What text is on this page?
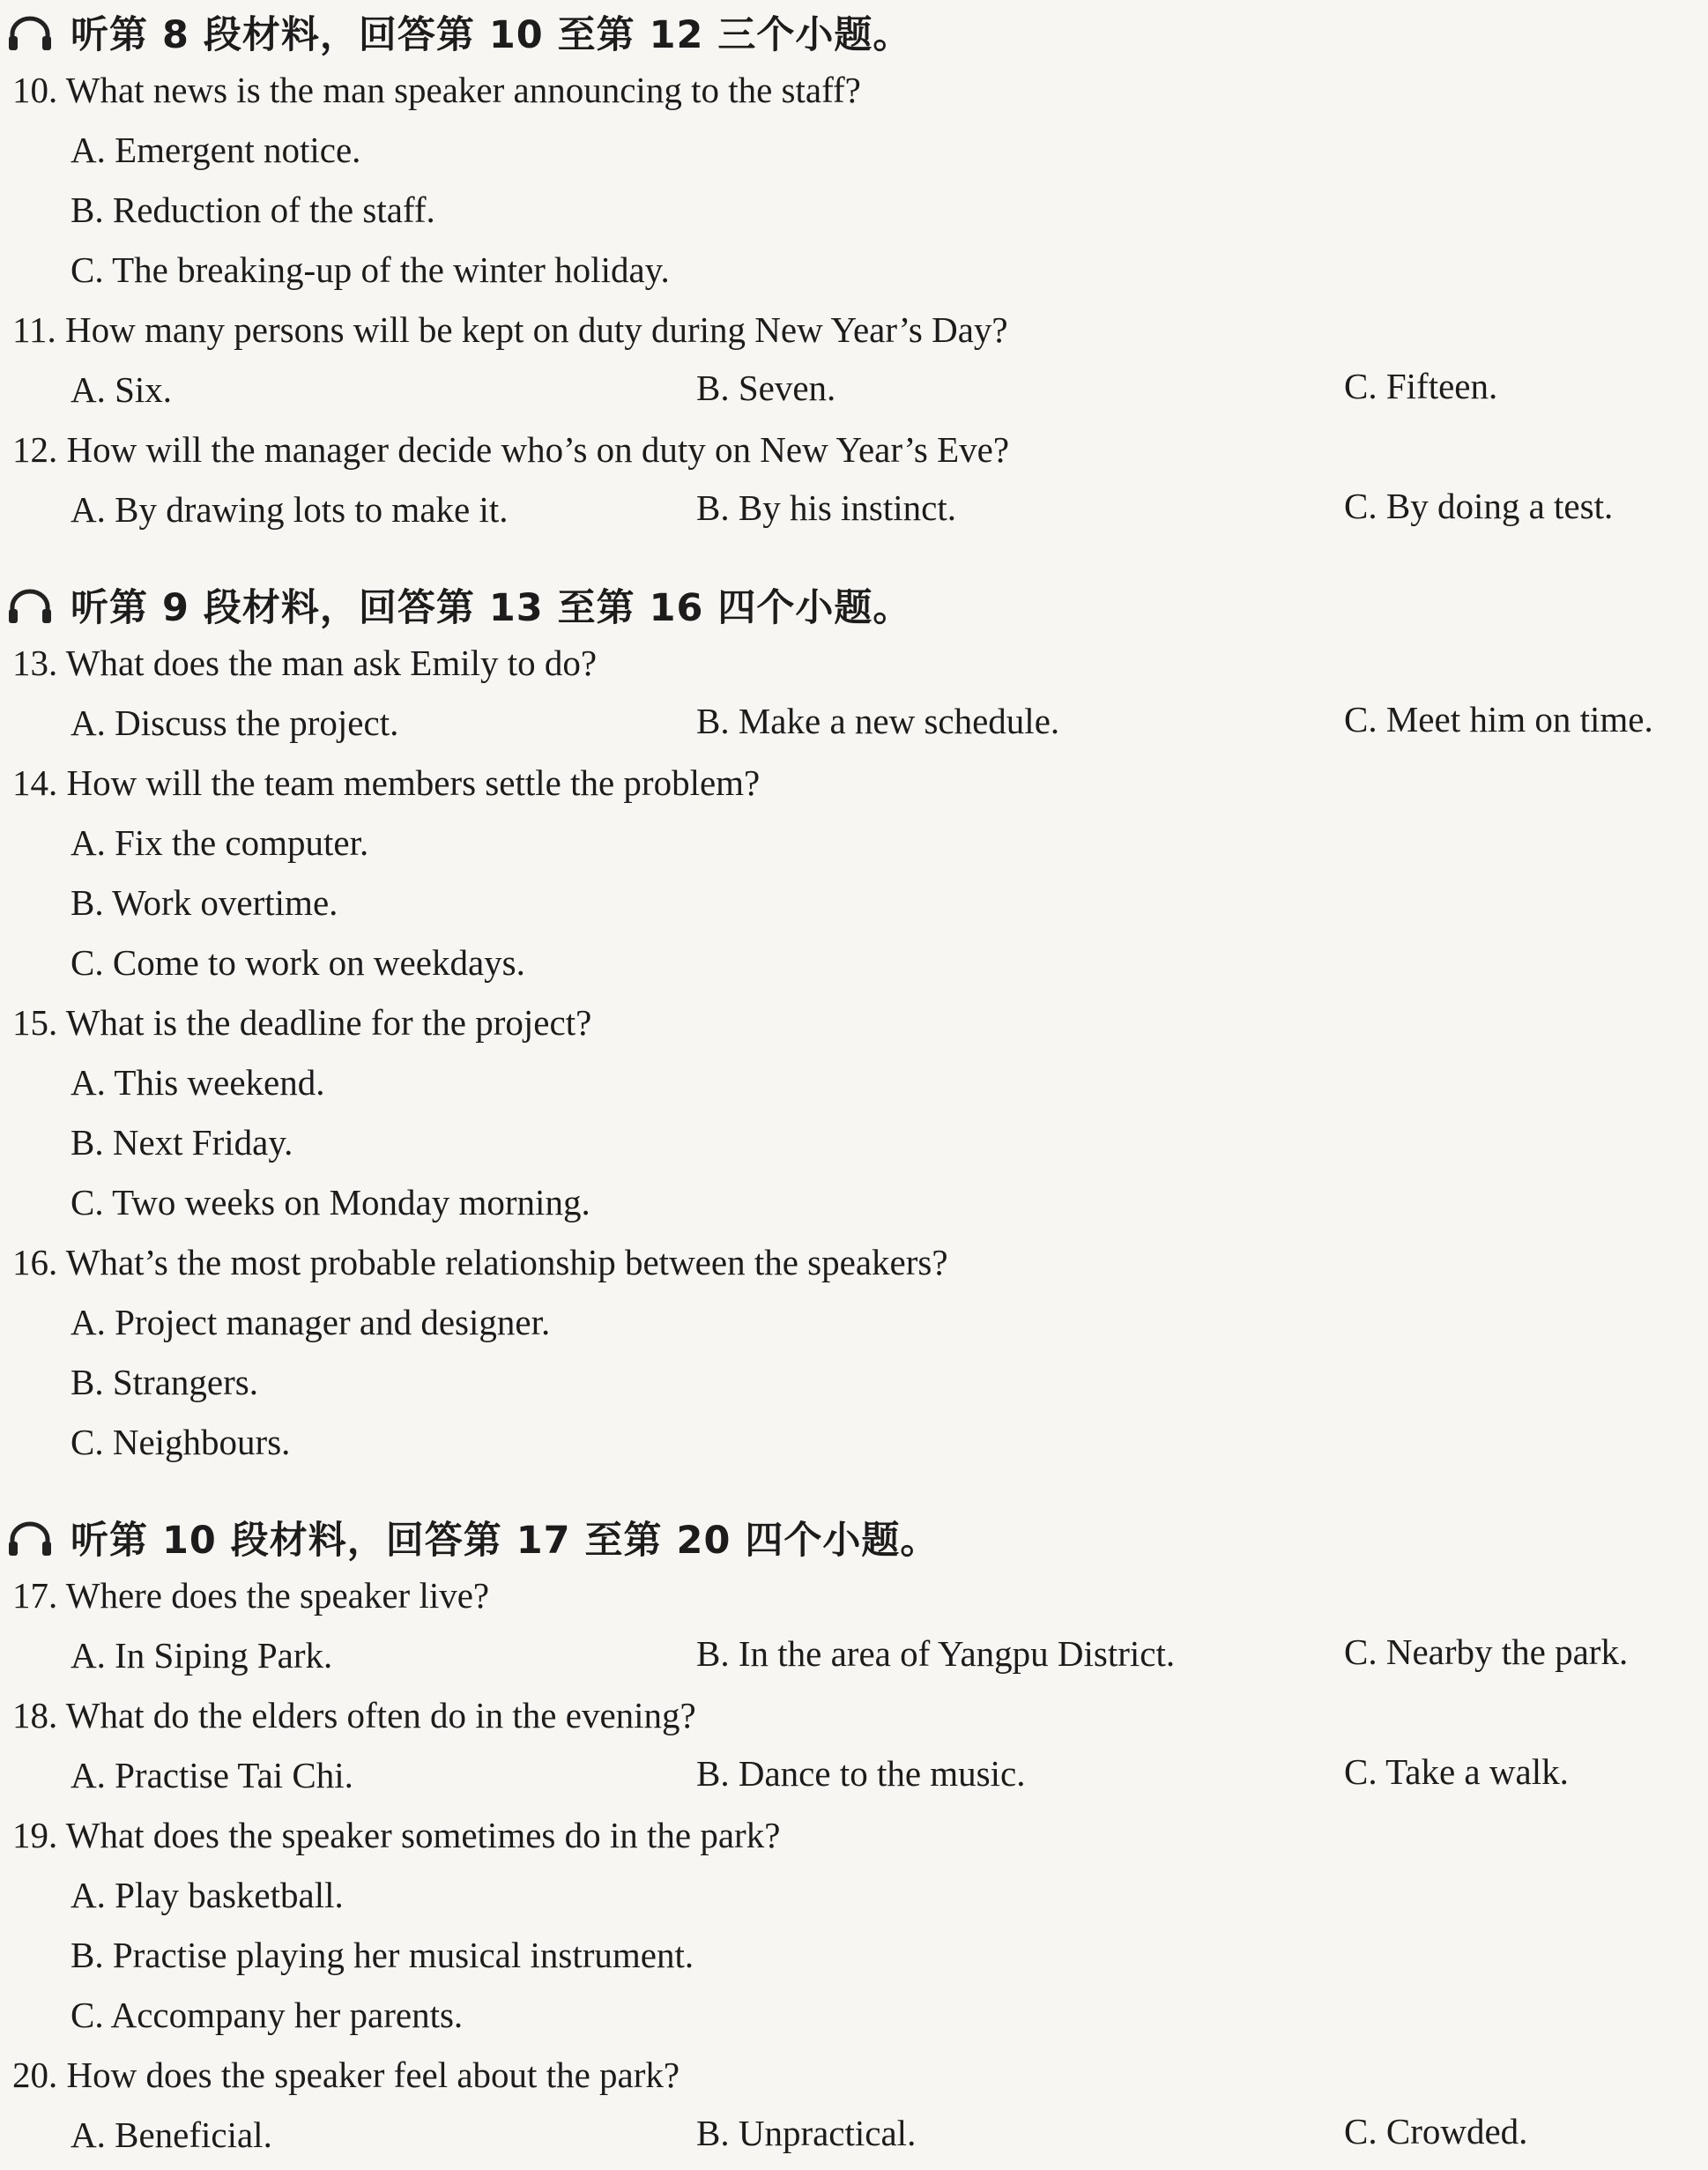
听第 8 段材料，回答第 10 至第 12 三个小题。
10. What news is the man speaker announcing to the staff?
A. Emergent notice.
B. Reduction of the staff.
C. The breaking-up of the winter holiday.
11. How many persons will be kept on duty during New Year’s Day?
A. Six.	B. Seven.	C. Fifteen.
12. How will the manager decide who’s on duty on New Year’s Eve?
A. By drawing lots to make it.	B. By his instinct.	C. By doing a test.
听第 9 段材料，回答第 13 至第 16 四个小题。
13. What does the man ask Emily to do?
A. Discuss the project.	B. Make a new schedule.	C. Meet him on time.
14. How will the team members settle the problem?
A. Fix the computer.
B. Work overtime.
C. Come to work on weekdays.
15. What is the deadline for the project?
A. This weekend.
B. Next Friday.
C. Two weeks on Monday morning.
16. What’s the most probable relationship between the speakers?
A. Project manager and designer.
B. Strangers.
C. Neighbours.
听第 10 段材料，回答第 17 至第 20 四个小题。
17. Where does the speaker live?
A. In Siping Park.	B. In the area of Yangpu District.	C. Nearby the park.
18. What do the elders often do in the evening?
A. Practise Tai Chi.	B. Dance to the music.	C. Take a walk.
19. What does the speaker sometimes do in the park?
A. Play basketball.
B. Practise playing her musical instrument.
C. Accompany her parents.
20. How does the speaker feel about the park?
A. Beneficial.	B. Unpractical.	C. Crowded.
